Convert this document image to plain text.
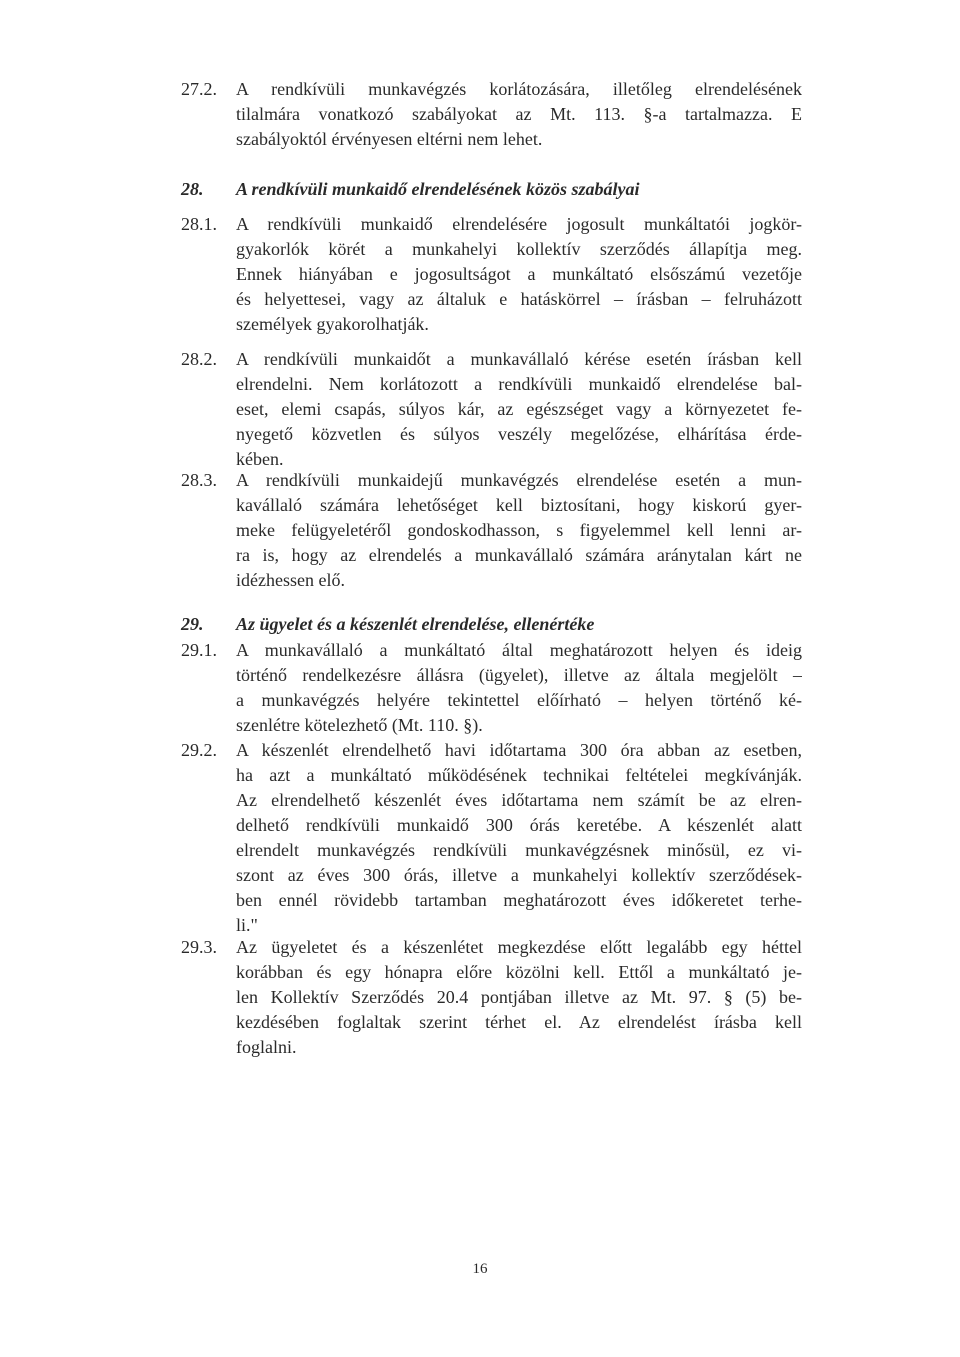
27.2. A rendkívüli munkavégzés korlátozására, illetőleg elrendelésének
tilalmára vonatkozó szabályokat az Mt. 113. §-a tartalmazza. E
szabályoktól érvényesen eltérni nem lehet.
28. A rendkívüli munkaidő elrendelésének közös szabályai
28.1. A rendkívüli munkaidő elrendelésére jogosult munkáltatói jogkör-
gyakorlók körét a munkahelyi kollektív szerződés állapítja meg.
Ennek hiányában e jogosultságot a munkáltató elsőszámú vezetője
és helyettesei, vagy az általuk e hatáskörrel – írásban – felruházott
személyek gyakorolhatják.
28.2. A rendkívüli munkaidőt a munkavállaló kérése esetén írásban kell
elrendelni. Nem korlátozott a rendkívüli munkaidő elrendelése bal-
eset, elemi csapás, súlyos kár, az egészséget vagy a környezetet fe-
nyegető közvetlen és súlyos veszély megelőzése, elhárítása érde-
kében.
28.3. A rendkívüli munkaidejű munkavégzés elrendelése esetén a mun-
kavállaló számára lehetőséget kell biztosítani, hogy kiskorú gyer-
meke felügyeletéről gondoskodhasson, s figyelemmel kell lenni ar-
ra is, hogy az elrendelés a munkavállaló számára aránytalan kárt ne
idézhessen elő.
29. Az ügyelet és a készenlét elrendelése, ellenértéke
29.1. A munkavállaló a munkáltató által meghatározott helyen és ideig
történő rendelkezésre állásra (ügyelet), illetve az általa megjelölt –
a munkavégzés helyére tekintettel előírható – helyen történő ké-
szenlétre kötelezhető (Mt. 110. §).
29.2. A készenlét elrendelhető havi időtartama 300 óra abban az esetben,
ha azt a munkáltató működésének technikai feltételei megkívánják.
Az elrendelhető készenlét éves időtartama nem számít be az elren-
delhető rendkívüli munkaidő 300 órás keretébe. A készenlét alatt
elrendelt munkavégzés rendkívüli munkavégzésnek minősül, ez vi-
szont az éves 300 órás, illetve a munkahelyi kollektív szerződések-
ben ennél rövidebb tartamban meghatározott éves időkeretet terhe-
li."
29.3. Az ügyeletet és a készenlétet megkezdése előtt legalább egy héttel
korábban és egy hónapra előre közölni kell. Ettől a munkáltató je-
len Kollektív Szerződés 20.4 pontjában illetve az Mt. 97. § (5) be-
kezdésében foglaltak szerint térhet el. Az elrendelést írásba kell
foglalni.
16
